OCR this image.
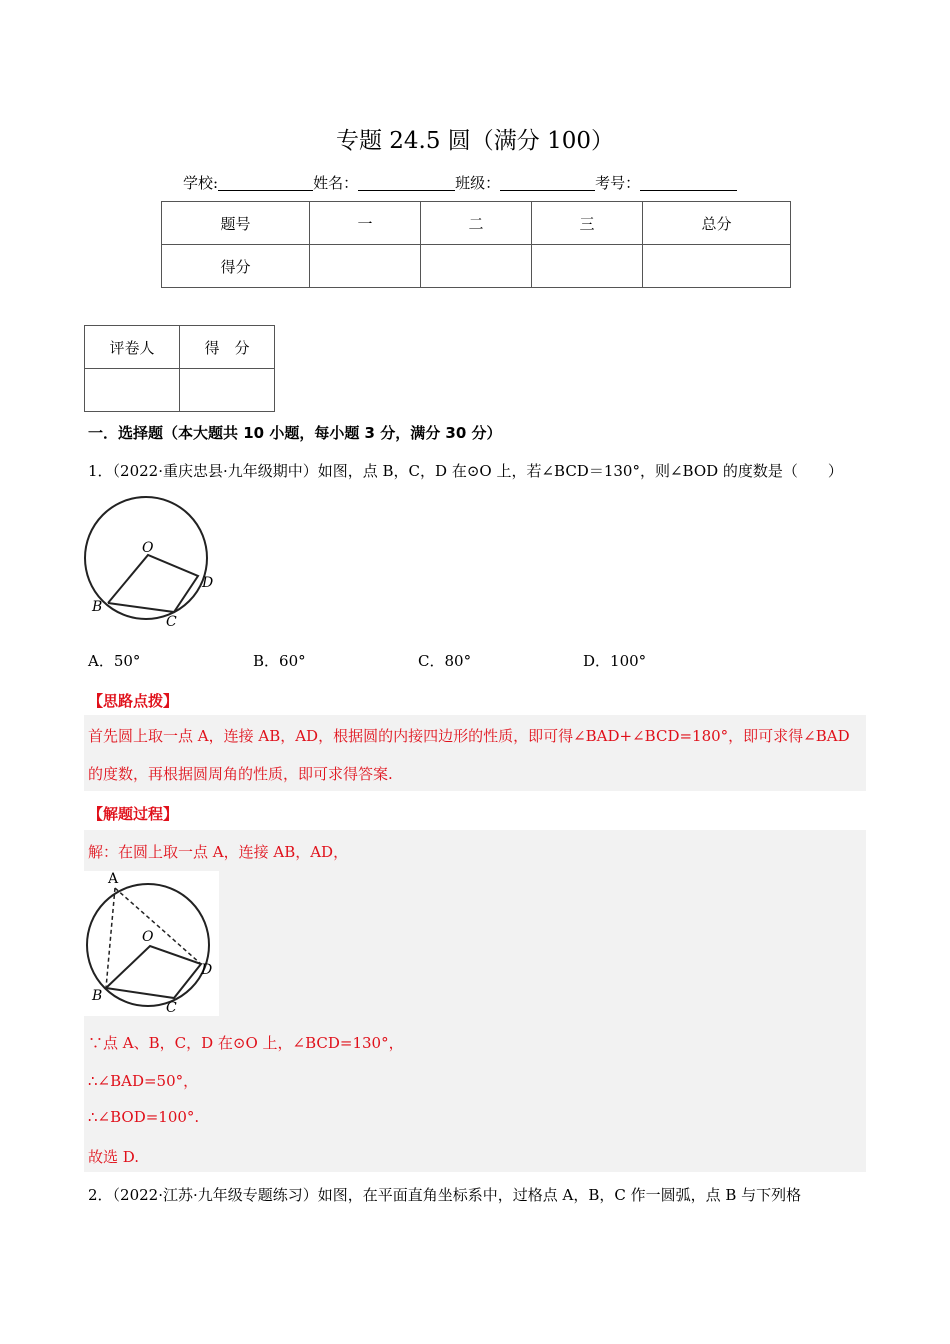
专题 24.5 圆（满分 100）
学校:	姓名：	班级：	考号：
题号	一	二	三	总分
得分				
评卷人	得　分

一．选择题（本大题共 10 小题，每小题 3 分，满分 30 分）
1．（2022·重庆忠县·九年级期中）如图，点 B，C，D 在⊙O 上，若∠BCD＝130°，则∠BOD 的度数是（　　）
O
B
C
D
A．50°	B．60°	C．80°	D．100°
【思路点拨】
首先圆上取一点 A，连接 AB，AD，根据圆的内接四边形的性质，即可得∠BAD+∠BCD=180°，即可求得∠BAD
的度数，再根据圆周角的性质，即可求得答案.
【解题过程】
解：在圆上取一点 A，连接 AB，AD，
A
O
B
C
D
∵点 A、B，C，D 在⊙O 上，∠BCD=130°，
∴∠BAD=50°，
∴∠BOD=100°.
故选 D.
2．（2022·江苏·九年级专题练习）如图，在平面直角坐标系中，过格点 A，B，C 作一圆弧，点 B 与下列格
